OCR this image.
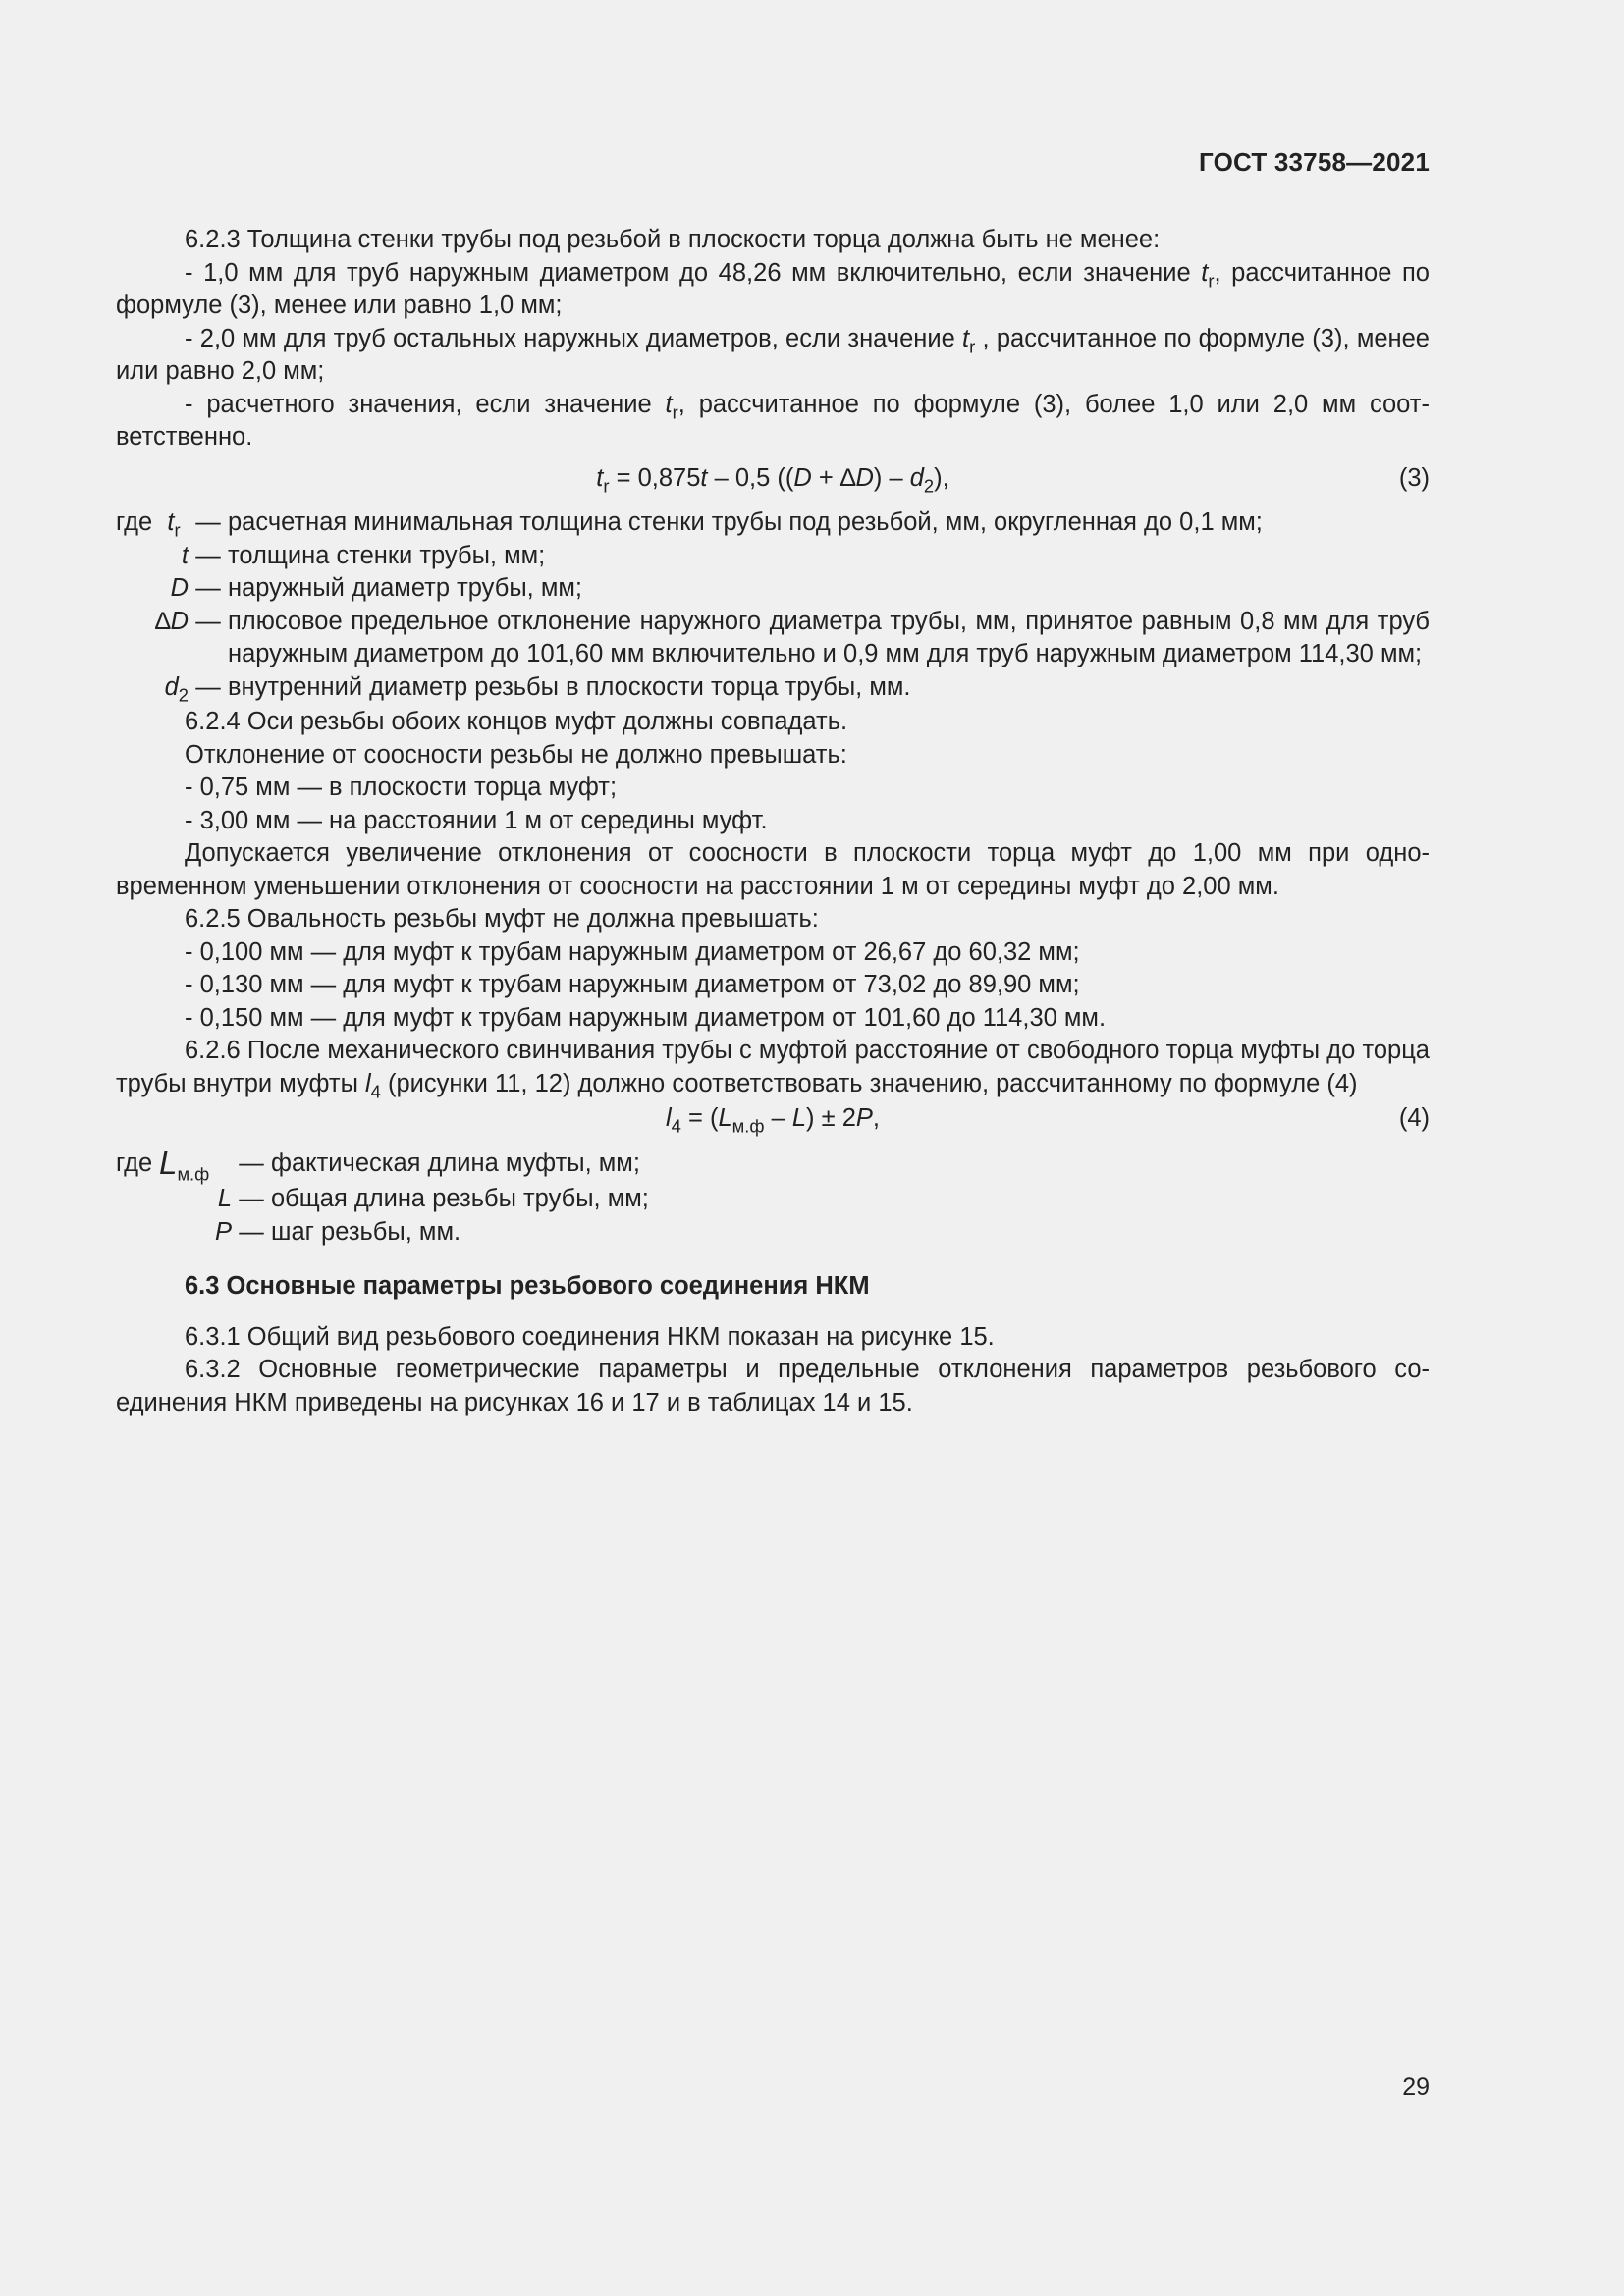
ГОСТ 33758—2021

6.2.3 Толщина стенки трубы под резьбой в плоскости торца должна быть не менее:

- 1,0 мм для труб наружным диаметром до 48,26 мм включительно, если значение $t_r$, рассчитанное по формуле (3), менее или равно 1,0 мм;

- 2,0 мм для труб остальных наружных диаметров, если значение $t_r$ , рассчитанное по формуле (3), менее или равно 2,0 мм;

- расчетного значения, если значение $t_r$, рассчитанное по формуле (3), более 1,0 или 2,0 мм соответственно.

$t_r = 0,875t - 0,5$ $((D + \Delta D) - d_2)$,	(3)
где $t_r$ — расчетная минимальная толщина стенки трубы под резьбой, мм, округленная до 0,1 мм;
t — толщина стенки трубы, мм;
D — наружный диаметр трубы, мм;
∆D — плюсовое предельное отклонение наружного диаметра трубы, мм, принятое равным 0,8 мм для труб наружным диаметром до 101,60 мм включительно и 0,9 мм для труб наружным диаметром 114,30 мм;
$d_2$ — внутренний диаметр резьбы в плоскости торца трубы, мм.

6.2.4 Оси резьбы обоих концов муфт должны совпадать.

Отклонение от соосности резьбы не должно превышать:

- 0,75 мм — в плоскости торца муфт;

- 3,00 мм — на расстоянии 1 м от середины муфт.

Допускается увеличение отклонения от соосности в плоскости торца муфт до 1,00 мм при одновременном уменьшении отклонения от соосности на расстоянии 1 м от середины муфт до 2,00 мм.

6.2.5 Овальность резьбы муфт не должна превышать:

- 0,100 мм — для муфт к трубам наружным диаметром от 26,67 до 60,32 мм;

- 0,130 мм — для муфт к трубам наружным диаметром от 73,02 до 89,90 мм;

- 0,150 мм — для муфт к трубам наружным диаметром от 101,60 до 114,30 мм.

6.2.6 После механического свинчивания трубы с муфтой расстояние от свободного торца муфты до торца трубы внутри муфты $l_4$ (рисунки 11, 12) должно соответствовать значению, рассчитанному по формуле (4)

$l_4 = (L_{м.ф} - L) \pm 2P$,	(4)
где $L_{м.ф}$	— фактическая длина муфты, мм;
L — общая длина резьбы трубы, мм;
P — шаг резьбы, мм.

6.3 Основные параметры резьбового соединения НКМ

6.3.1 Общий вид резьбового соединения НКМ показан на рисунке 15.

6.3.2 Основные геометрические параметры и предельные отклонения параметров резьбового соединения НКМ приведены на рисунках 16 и 17 и в таблицах 14 и 15.

29
